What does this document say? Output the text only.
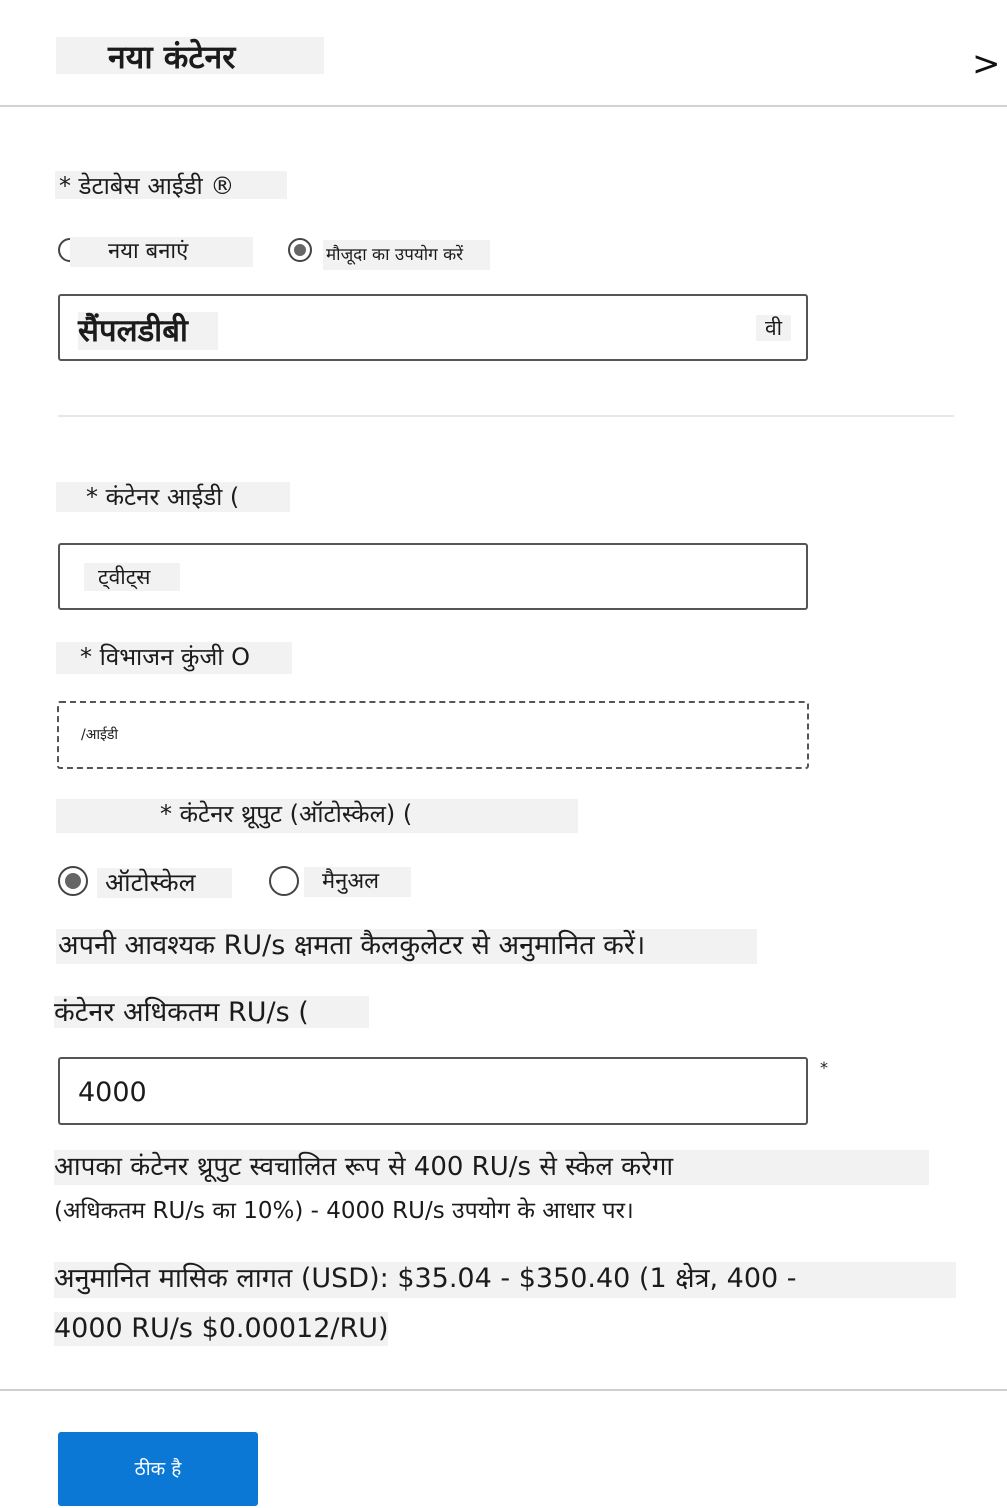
नया कंटेनर	>
* डेटाबेस आईडी ®
नया बनाएं	मौजूदा का उपयोग करें
सैंपलडीबी	वी
* कंटेनर आईडी (
ट्वीट्स
* विभाजन कुंजी O
/आईडी
* कंटेनर थ्रूपुट (ऑटोस्केल) (
ऑटोस्केल	मैनुअल
अपनी आवश्यक RU/s क्षमता कैलकुलेटर से अनुमानित करें।
कंटेनर अधिकतम RU/s (
4000
*
आपका कंटेनर थ्रूपुट स्वचालित रूप से 400 RU/s से स्केल करेगा
(अधिकतम RU/s का 10%) - 4000 RU/s उपयोग के आधार पर।
अनुमानित मासिक लागत (USD): $35.04 - $350.40 (1 क्षेत्र, 400 -
4000 RU/s $0.00012/RU)
ठीक है
